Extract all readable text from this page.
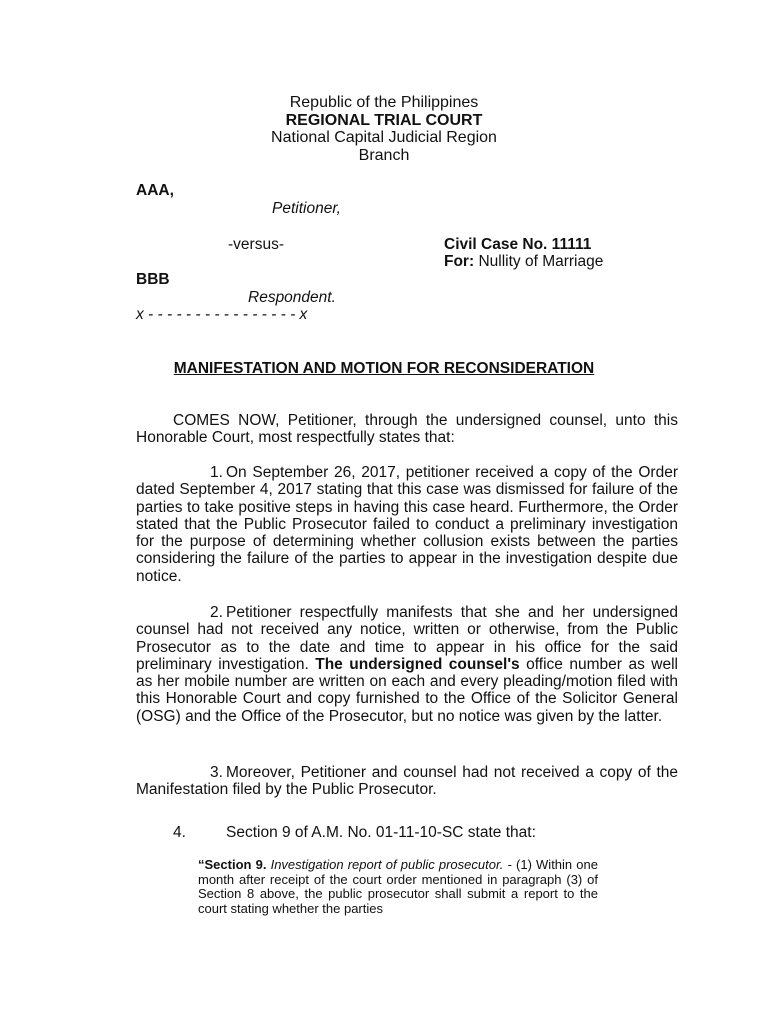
Republic of the Philippines
REGIONAL TRIAL COURT
National Capital Judicial Region
Branch
AAA,
Petitioner,
-versus-	Civil Case No. 11111
For: Nullity of Marriage
BBB
Respondent.
x - - - - - - - - - - - - - - - - x
MANIFESTATION AND MOTION FOR RECONSIDERATION
COMES NOW, Petitioner, through the undersigned counsel, unto this Honorable Court, most respectfully states that:
1. On September 26, 2017, petitioner received a copy of the Order dated September 4, 2017 stating that this case was dismissed for failure of the parties to take positive steps in having this case heard. Furthermore, the Order stated that the Public Prosecutor failed to conduct a preliminary investigation for the purpose of determining whether collusion exists between the parties considering the failure of the parties to appear in the investigation despite due notice.
2. Petitioner respectfully manifests that she and her undersigned counsel had not received any notice, written or otherwise, from the Public Prosecutor as to the date and time to appear in his office for the said preliminary investigation. The undersigned counsel's office number as well as her mobile number are written on each and every pleading/motion filed with this Honorable Court and copy furnished to the Office of the Solicitor General (OSG) and the Office of the Prosecutor, but no notice was given by the latter.
3. Moreover, Petitioner and counsel had not received a copy of the Manifestation filed by the Public Prosecutor.
4.	Section 9 of A.M. No. 01-11-10-SC state that:
“Section 9. Investigation report of public prosecutor. - (1) Within one month after receipt of the court order mentioned in paragraph (3) of Section 8 above, the public prosecutor shall submit a report to the court stating whether the parties
